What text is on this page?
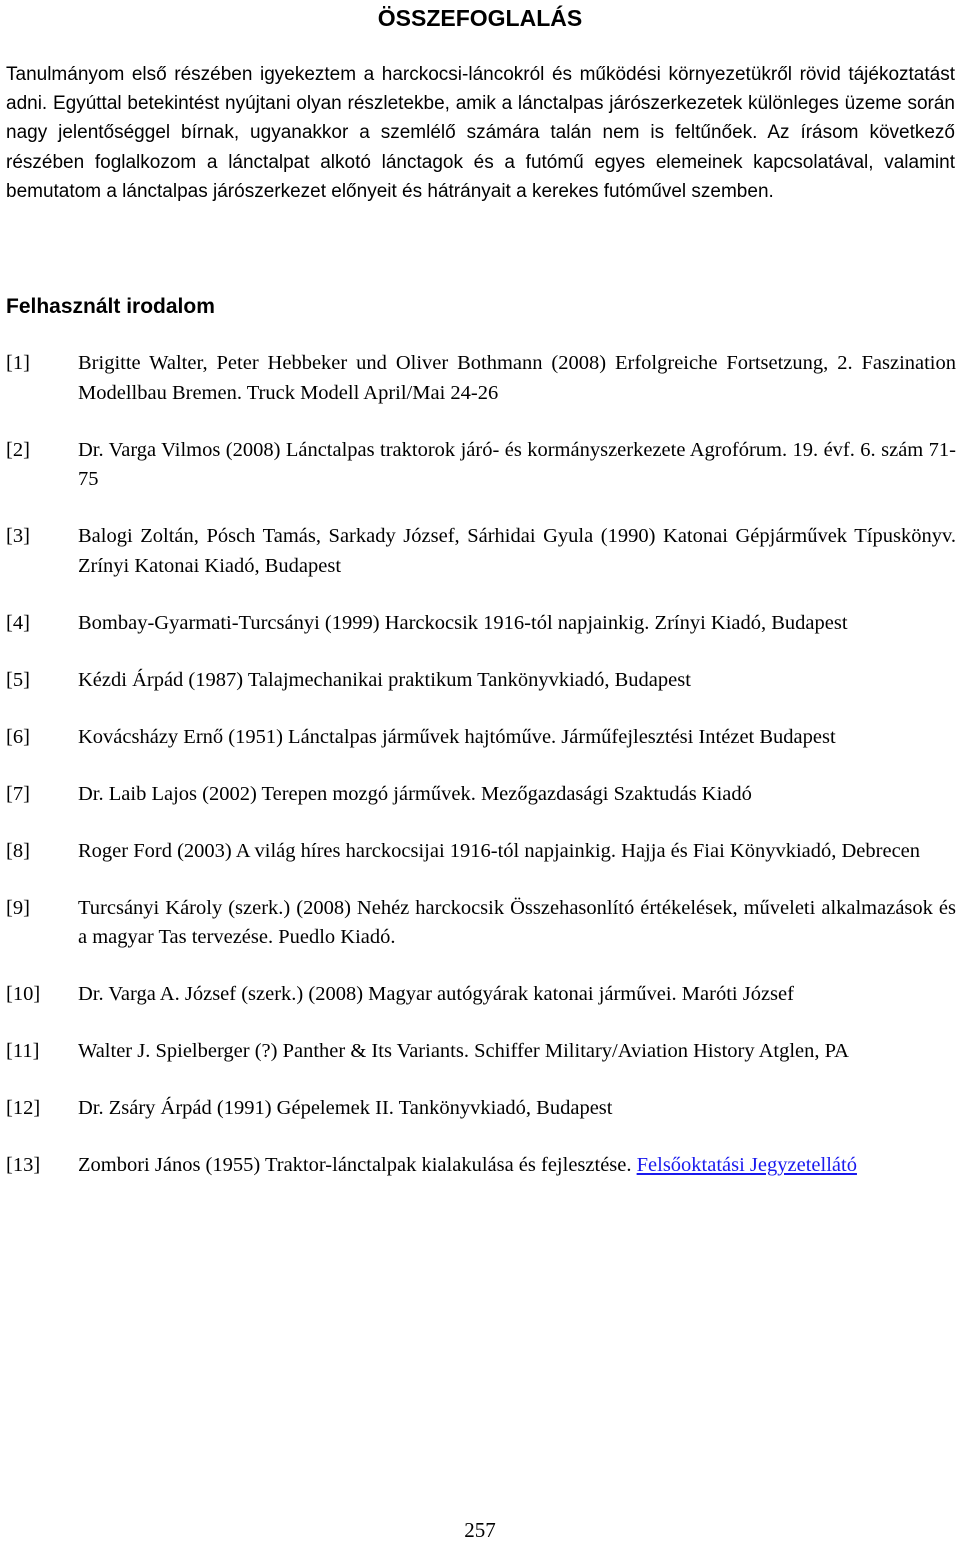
ÖSSZEFOGLALÁS

Tanulmányom első részében igyekeztem a harckocsi-láncokról és működési környezetükről rövid tájékoztatást adni. Egyúttal betekintést nyújtani olyan részletekbe, amik a lánctalpas járószerkezetek különleges üzeme során nagy jelentőséggel bírnak, ugyanakkor a szemlélő számára talán nem is feltűnőek. Az írásom következő részében foglalkozom a lánctalpat alkotó lánctagok és a futómű egyes elemeinek kapcsolatával, valamint bemutatom a lánctalpas járószerkezet előnyeit és hátrányait a kerekes futóművel szemben.

Felhasznált irodalom
[1]	Brigitte Walter, Peter Hebbeker und Oliver Bothmann (2008) Erfolgreiche Fortsetzung, 2. Faszination Modellbau Bremen. Truck Modell April/Mai 24-26
[2]	Dr. Varga Vilmos (2008) Lánctalpas traktorok járó- és kormányszerkezete Agrofórum. 19. évf. 6. szám 71-75
[3]	Balogi Zoltán, Pósch Tamás, Sarkady József, Sárhidai Gyula (1990) Katonai Gépjárművek Típuskönyv. Zrínyi Katonai Kiadó, Budapest
[4]	Bombay-Gyarmati-Turcsányi (1999) Harckocsik 1916-tól napjainkig. Zrínyi Kiadó, Budapest
[5]	Kézdi Árpád (1987) Talajmechanikai praktikum Tankönyvkiadó, Budapest
[6]	Kovácsházy Ernő (1951) Lánctalpas járművek hajtóműve. Járműfejlesztési Intézet Budapest
[7]	Dr. Laib Lajos (2002) Terepen mozgó járművek. Mezőgazdasági Szaktudás Kiadó
[8]	Roger Ford (2003) A világ híres harckocsijai 1916-tól napjainkig. Hajja és Fiai Könyvkiadó, Debrecen
[9]	Turcsányi Károly (szerk.) (2008) Nehéz harckocsik Összehasonlító értékelések, műveleti alkalmazások és a magyar Tas tervezése. Puedlo Kiadó.
[10]	Dr. Varga A. József (szerk.) (2008) Magyar autógyárak katonai járművei. Maróti József
[11]	Walter J. Spielberger (?) Panther & Its Variants. Schiffer Military/Aviation History Atglen, PA
[12]	Dr. Zsáry Árpád (1991) Gépelemek II. Tankönyvkiadó, Budapest
[13]	Zombori János (1955) Traktor-lánctalpak kialakulása és fejlesztése. Felsőoktatási Jegyzetellátó
257
